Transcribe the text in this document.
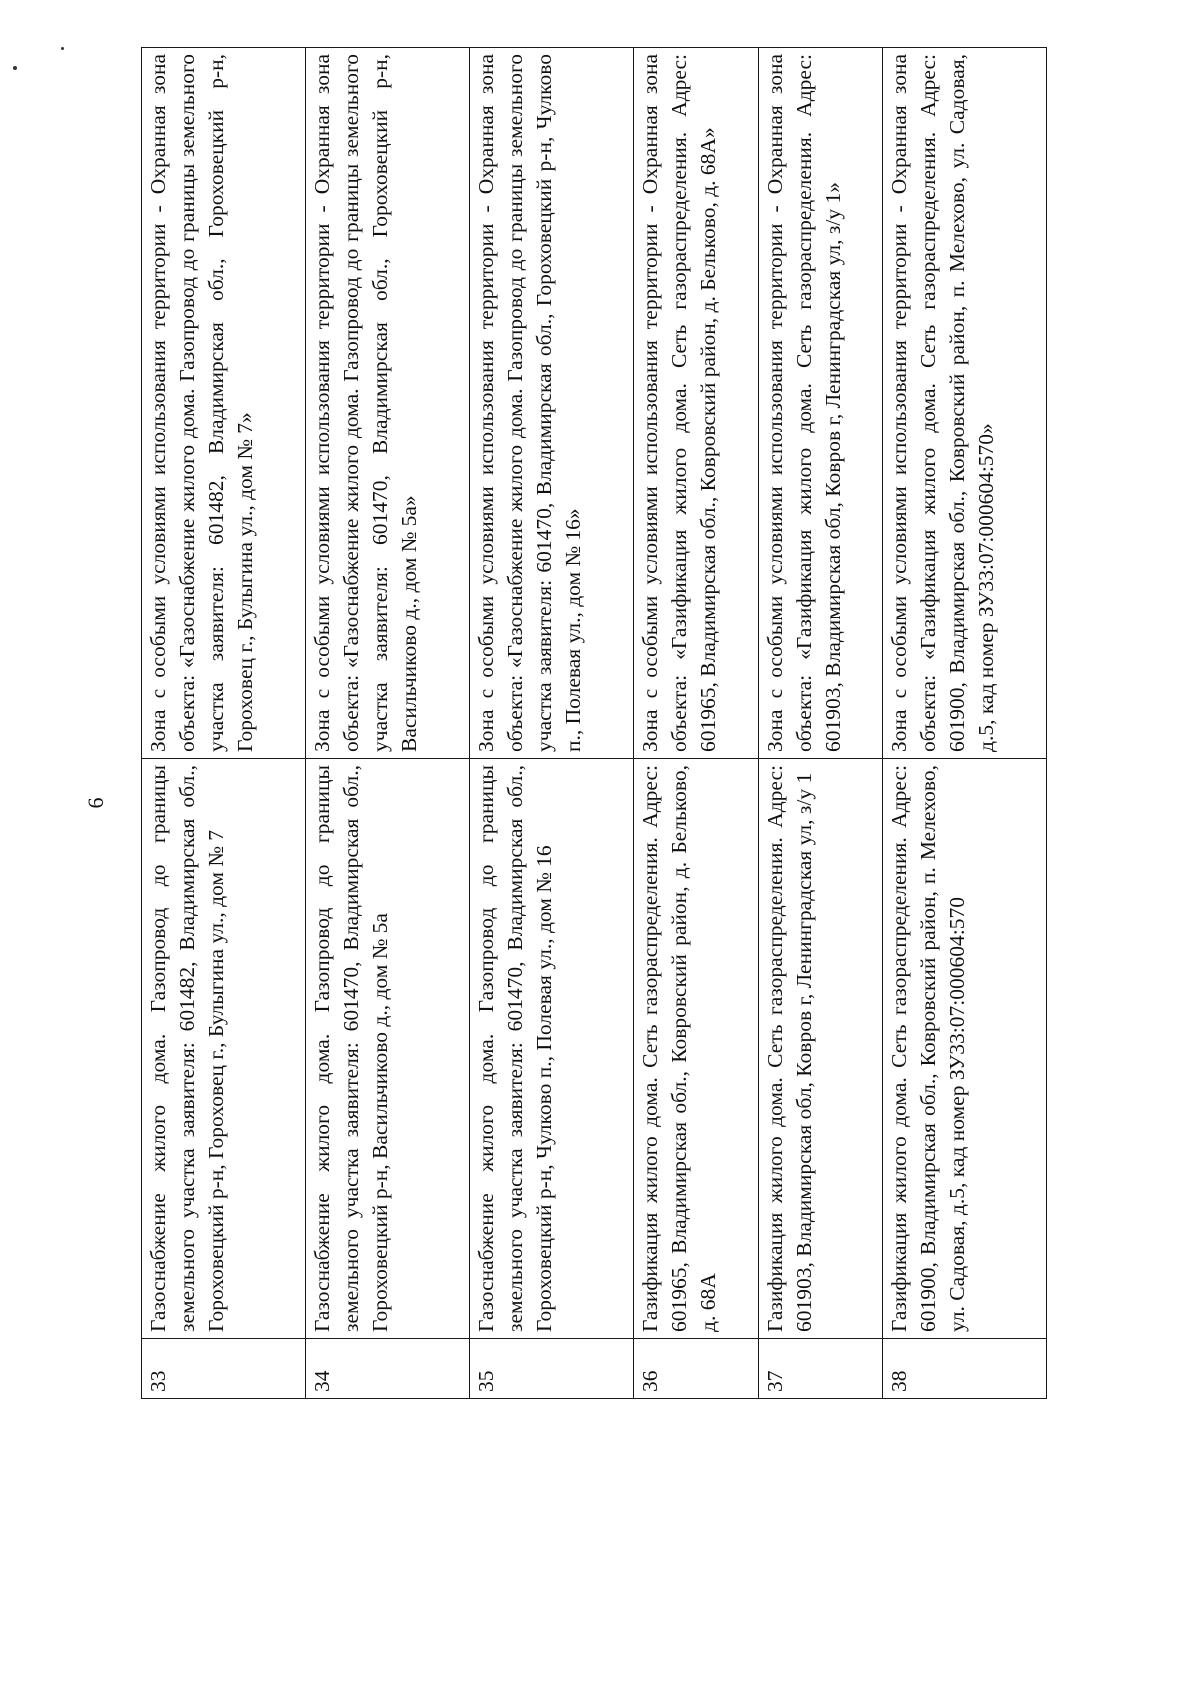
6
33	Газоснабжение жилого дома. Газопровод до границы земельного участка заявителя: 601482, Владимирская обл., Гороховецкий р-н, Гороховец г., Булыгина ул., дом № 7	Зона с особыми условиями использования территории - Охранная зона объекта: «Газоснабжение жилого дома. Газопровод до границы земельного участка заявителя: 601482, Владимирская обл., Гороховецкий р-н, Гороховец г., Булыгина ул., дом № 7»
34	Газоснабжение жилого дома. Газопровод до границы земельного участка заявителя: 601470, Владимирская обл., Гороховецкий р-н, Васильчиково д., дом № 5а	Зона с особыми условиями использования территории - Охранная зона объекта: «Газоснабжение жилого дома. Газопровод до границы земельного участка заявителя: 601470, Владимирская обл., Гороховецкий р-н, Васильчиково д., дом № 5а»
35	Газоснабжение жилого дома. Газопровод до границы земельного участка заявителя: 601470, Владимирская обл., Гороховецкий р-н, Чулково п., Полевая ул., дом № 16	Зона с особыми условиями использования территории - Охранная зона объекта: «Газоснабжение жилого дома. Газопровод до границы земельного участка заявителя: 601470, Владимирская обл., Гороховецкий р-н, Чулково п., Полевая ул., дом № 16»
36	Газификация жилого дома. Сеть газораспределения. Адрес: 601965, Владимирская обл., Ковровский район, д. Бельково, д. 68А	Зона с особыми условиями использования территории - Охранная зона объекта: «Газификация жилого дома. Сеть газораспределения. Адрес: 601965, Владимирская обл., Ковровский район, д. Бельково, д. 68А»
37	Газификация жилого дома. Сеть газораспределения. Адрес: 601903, Владимирская обл, Ковров г, Ленинградская ул, з/у 1	Зона с особыми условиями использования территории - Охранная зона объекта: «Газификация жилого дома. Сеть газораспределения. Адрес: 601903, Владимирская обл, Ковров г, Ленинградская ул, з/у 1»
38	Газификация жилого дома. Сеть газораспределения. Адрес: 601900, Владимирская обл., Ковровский район, п. Мелехово, ул. Садовая, д.5, кад номер ЗУ33:07:000604:570	Зона с особыми условиями использования территории - Охранная зона объекта: «Газификация жилого дома. Сеть газораспределения. Адрес: 601900, Владимирская обл., Ковровский район, п. Мелехово, ул. Садовая, д.5, кад номер ЗУ33:07:000604:570»
